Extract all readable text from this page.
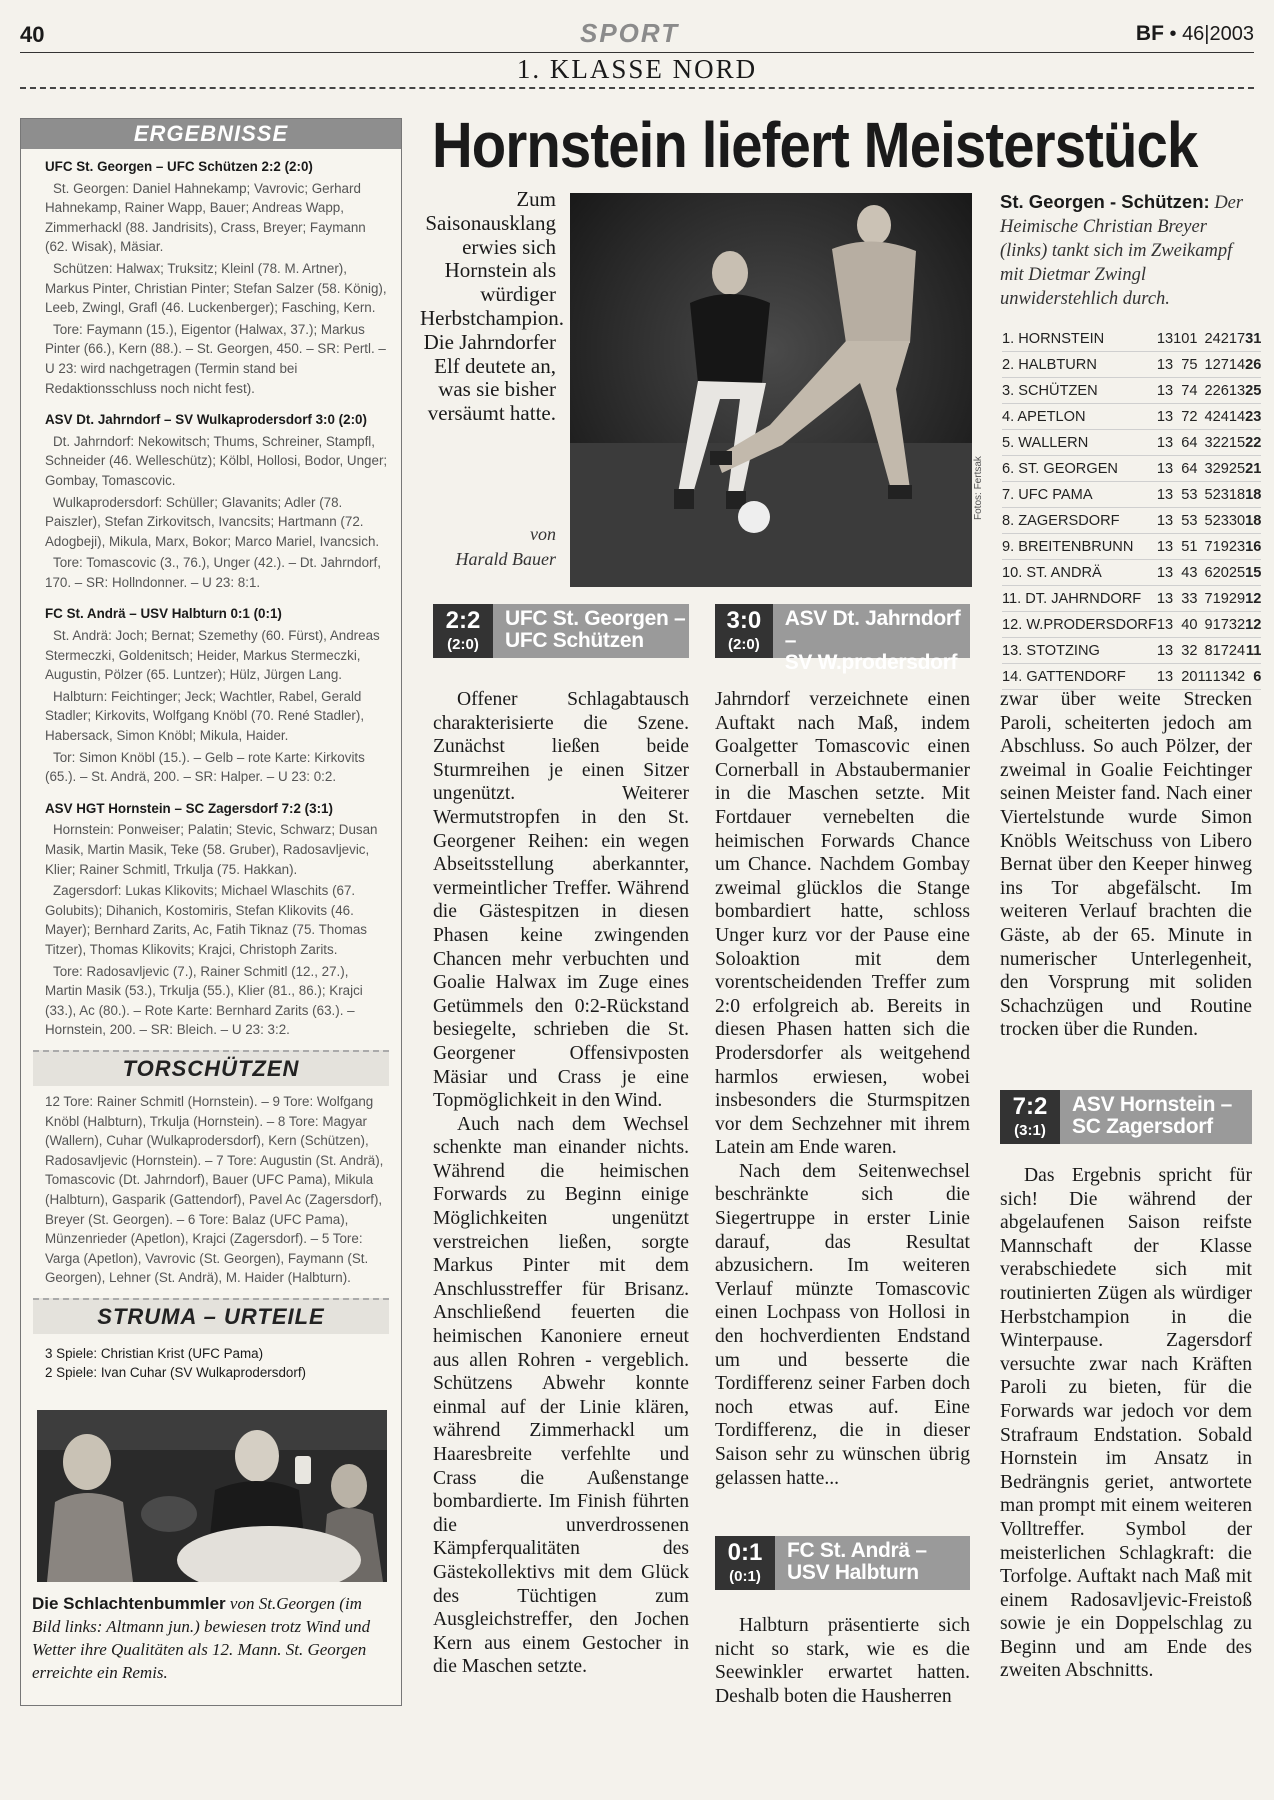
40	SPORT	BF • 46|2003
1. KLASSE NORD
ERGEBNISSE

UFC St. Georgen – UFC Schützen 2:2 (2:0)

St. Georgen: Daniel Hahnekamp; Vavrovic; Gerhard Hahnekamp, Rainer Wapp, Bauer; Andreas Wapp, Zimmerhackl (88. Jandrisits), Crass, Breyer; Faymann (62. Wisak), Mäsiar.

Schützen: Halwax; Truksitz; Kleinl (78. M. Artner), Markus Pinter, Christian Pinter; Stefan Salzer (58. König), Leeb, Zwingl, Grafl (46. Luckenberger); Fasching, Kern.

Tore: Faymann (15.), Eigentor (Halwax, 37.); Markus Pinter (66.), Kern (88.). – St. Georgen, 450. – SR: Pertl. – U 23: wird nachgetragen (Termin stand bei Redaktionsschluss noch nicht fest).

ASV Dt. Jahrndorf – SV Wulkaprodersdorf 3:0 (2:0)

Dt. Jahrndorf: Nekowitsch; Thums, Schreiner, Stampfl, Schneider (46. Welleschütz); Kölbl, Hollosi, Bodor, Unger; Gombay, Tomascovic.

Wulkaprodersdorf: Schüller; Glavanits; Adler (78. Paiszler), Stefan Zirkovitsch, Ivancsits; Hartmann (72. Adogbeji), Mikula, Marx, Bokor; Marco Mariel, Ivancsich.

Tore: Tomascovic (3., 76.), Unger (42.). – Dt. Jahrndorf, 170. – SR: Hollndonner. – U 23: 8:1.

FC St. Andrä – USV Halbturn 0:1 (0:1)

St. Andrä: Joch; Bernat; Szemethy (60. Fürst), Andreas Stermeczki, Goldenitsch; Heider, Markus Stermeczki, Augustin, Pölzer (65. Luntzer); Hülz, Jürgen Lang.

Halbturn: Feichtinger; Jeck; Wachtler, Rabel, Gerald Stadler; Kirkovits, Wolfgang Knöbl (70. René Stadler), Habersack, Simon Knöbl; Mikula, Haider.

Tor: Simon Knöbl (15.). – Gelb – rote Karte: Kirkovits (65.). – St. Andrä, 200. – SR: Halper. – U 23: 0:2.

ASV HGT Hornstein – SC Zagersdorf 7:2 (3:1)

Hornstein: Ponweiser; Palatin; Stevic, Schwarz; Dusan Masik, Martin Masik, Teke (58. Gruber), Radosavljevic, Klier; Rainer Schmitl, Trkulja (75. Hakkan).

Zagersdorf: Lukas Klikovits; Michael Wlaschits (67. Golubits); Dihanich, Kostomiris, Stefan Klikovits (46. Mayer); Bernhard Zarits, Ac, Fatih Tiknaz (75. Thomas Titzer), Thomas Klikovits; Krajci, Christoph Zarits.

Tore: Radosavljevic (7.), Rainer Schmitl (12., 27.), Martin Masik (53.), Trkulja (55.), Klier (81., 86.); Krajci (33.), Ac (80.). – Rote Karte: Bernhard Zarits (63.). – Hornstein, 200. – SR: Bleich. – U 23: 3:2.

TORSCHÜTZEN

12 Tore: Rainer Schmitl (Hornstein). – 9 Tore: Wolfgang Knöbl (Halbturn), Trkulja (Hornstein). – 8 Tore: Magyar (Wallern), Cuhar (Wulkaprodersdorf), Kern (Schützen), Radosavljevic (Hornstein). – 7 Tore: Augustin (St. Andrä), Tomascovic (Dt. Jahrndorf), Bauer (UFC Pama), Mikula (Halbturn), Gasparik (Gattendorf), Pavel Ac (Zagersdorf), Breyer (St. Georgen). – 6 Tore: Balaz (UFC Pama), Münzenrieder (Apetlon), Krajci (Zagersdorf). – 5 Tore: Varga (Apetlon), Vavrovic (St. Georgen), Faymann (St. Georgen), Lehner (St. Andrä), M. Haider (Halbturn).

STRUMA – URTEILE

3 Spiele: Christian Krist (UFC Pama)

2 Spiele: Ivan Cuhar (SV Wulkaprodersdorf)

Die Schlachtenbummler von St.Georgen (im Bild links: Altmann jun.) bewiesen trotz Wind und Wetter ihre Qualitäten als 12. Mann. St. Georgen erreichte ein Remis.
Hornstein liefert Meisterstück
Zum Saisonausklang erwies sich Hornstein als würdiger Herbstchampion. Die Jahrndorfer Elf deutete an, was sie bisher versäumt hatte.
von
Harald Bauer
Fotos: Fertsak
St. Georgen - Schützen: Der Heimische Christian Breyer (links) tankt sich im Zweikampf mit Dietmar Zwingl unwiderstehlich durch.
1. HORNSTEIN	13	10	1	2	42	17	31
2. HALBTURN	13	7	5	1	27	14	26
3. SCHÜTZEN	13	7	4	2	26	13	25
4. APETLON	13	7	2	4	24	14	23
5. WALLERN	13	6	4	3	22	15	22
6. ST. GEORGEN	13	6	4	3	29	25	21
7. UFC PAMA	13	5	3	5	23	18	18
8. ZAGERSDORF	13	5	3	5	23	30	18
9. BREITENBRUNN	13	5	1	7	19	23	16
10. ST. ANDRÄ	13	4	3	6	20	25	15
11. DT. JAHRNDORF	13	3	3	7	19	29	12
12. W.PRODERSDORF	13	4	0	9	17	32	12
13. STOTZING	13	3	2	8	17	24	11
14. GATTENDORF	13	2	0	11	13	42	6
2:2
(2:0)
UFC St. Georgen –
UFC Schützen
3:0
(2:0)
ASV Dt. Jahrndorf –
SV W.prodersdorf
7:2
(3:1)
ASV Hornstein –
SC Zagersdorf
0:1
(0:1)
FC St. Andrä –
USV Halbturn

Offener Schlagabtausch charakterisierte die Szene. Zunächst ließen beide Sturmreihen je einen Sitzer ungenützt. Weiterer Wermutstropfen in den St. Georgener Reihen: ein wegen Abseitsstellung aberkannter, vermeintlicher Treffer. Während die Gästespitzen in diesen Phasen keine zwingenden Chancen mehr verbuchten und Goalie Halwax im Zuge eines Getümmels den 0:2-Rückstand besiegelte, schrieben die St. Georgener Offensivposten Mäsiar und Crass je eine Topmöglichkeit in den Wind.

Auch nach dem Wechsel schenkte man einander nichts. Während die heimischen Forwards zu Beginn einige Möglichkeiten ungenützt verstreichen ließen, sorgte Markus Pinter mit dem Anschlusstreffer für Brisanz. Anschließend feuerten die heimischen Kanoniere erneut aus allen Rohren - vergeblich. Schützens Abwehr konnte einmal auf der Linie klären, während Zimmerhackl um Haaresbreite verfehlte und Crass die Außenstange bombardierte. Im Finish führten die unverdrossenen Kämpferqualitäten des Gästekollektivs mit dem Glück des Tüchtigen zum Ausgleichstreffer, den Jochen Kern aus einem Gestocher in die Maschen setzte.

Jahrndorf verzeichnete einen Auftakt nach Maß, indem Goalgetter Tomascovic einen Cornerball in Abstaubermanier in die Maschen setzte. Mit Fortdauer vernebelten die heimischen Forwards Chance um Chance. Nachdem Gombay zweimal glücklos die Stange bombardiert hatte, schloss Unger kurz vor der Pause eine Soloaktion mit dem vorentscheidenden Treffer zum 2:0 erfolgreich ab. Bereits in diesen Phasen hatten sich die Prodersdorfer als weitgehend harmlos erwiesen, wobei insbesonders die Sturmspitzen vor dem Sechzehner mit ihrem Latein am Ende waren.

Nach dem Seitenwechsel beschränkte sich die Siegertruppe in erster Linie darauf, das Resultat abzusichern. Im weiteren Verlauf münzte Tomascovic einen Lochpass von Hollosi in den hochverdienten Endstand um und besserte die Tordifferenz seiner Farben doch noch etwas auf. Eine Tordifferenz, die in dieser Saison sehr zu wünschen übrig gelassen hatte...

Halbturn präsentierte sich nicht so stark, wie es die Seewinkler erwartet hatten. Deshalb boten die Hausherren

zwar über weite Strecken Paroli, scheiterten jedoch am Abschluss. So auch Pölzer, der zweimal in Goalie Feichtinger seinen Meister fand. Nach einer Viertelstunde wurde Simon Knöbls Weitschuss von Libero Bernat über den Keeper hinweg ins Tor abgefälscht. Im weiteren Verlauf brachten die Gäste, ab der 65. Minute in numerischer Unterlegenheit, den Vorsprung mit soliden Schachzügen und Routine trocken über die Runden.

Das Ergebnis spricht für sich! Die während der abgelaufenen Saison reifste Mannschaft der Klasse verabschiedete sich mit routinierten Zügen als würdiger Herbstchampion in die Winterpause. Zagersdorf versuchte zwar nach Kräften Paroli zu bieten, für die Forwards war jedoch vor dem Strafraum Endstation. Sobald Hornstein im Ansatz in Bedrängnis geriet, antwortete man prompt mit einem weiteren Volltreffer. Symbol der meisterlichen Schlagkraft: die Torfolge. Auftakt nach Maß mit einem Radosavljevic-Freistoß sowie je ein Doppelschlag zu Beginn und am Ende des zweiten Abschnitts.
